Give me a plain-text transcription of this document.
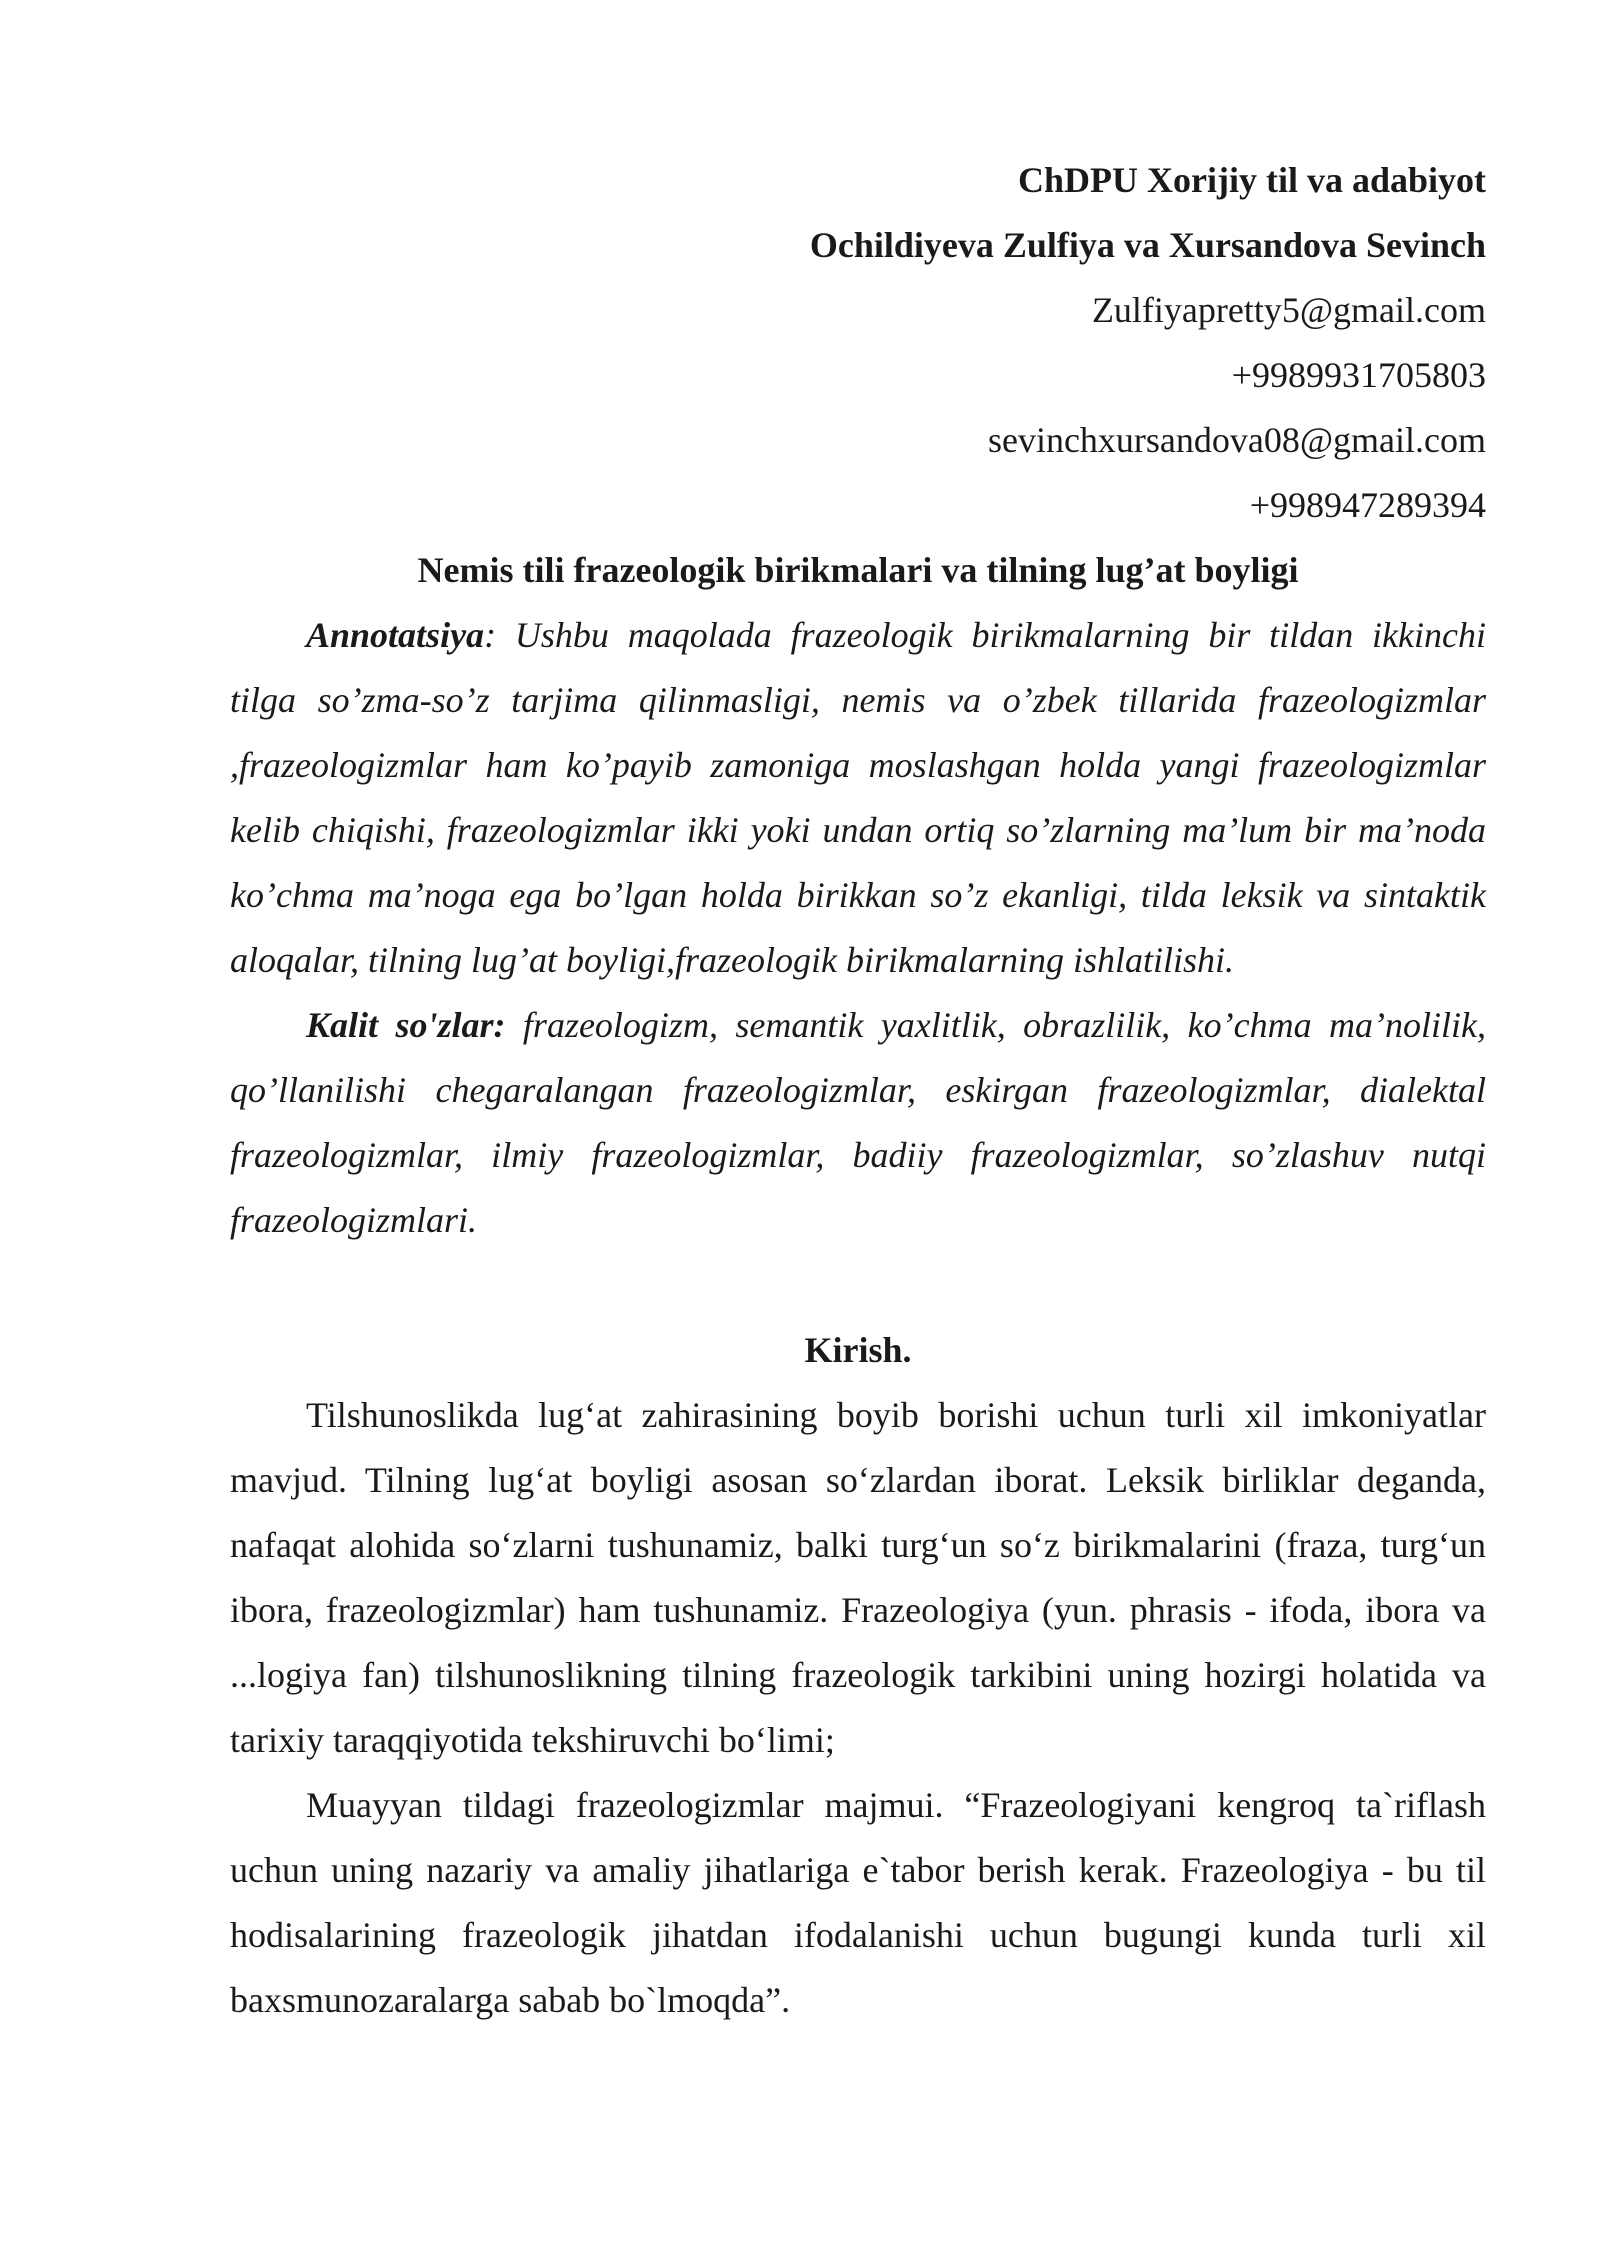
ChDPU Xorijiy til va adabiyot
Ochildiyeva Zulfiya va Xursandova Sevinch
Zulfiyapretty5@gmail.com
+9989931705803
sevinchxursandova08@gmail.com
+998947289394
Nemis tili frazeologik birikmalari va tilning lug’at boyligi

Annotatsiya: Ushbu maqolada frazeologik birikmalarning bir tildan ikkinchi tilga so’zma-so’z tarjima qilinmasligi, nemis va o’zbek tillarida frazeologizmlar ,frazeologizmlar ham ko’payib zamoniga moslashgan holda yangi frazeologizmlar kelib chiqishi, frazeologizmlar ikki yoki undan ortiq so’zlarning ma’lum bir ma’noda ko’chma ma’noga ega bo’lgan holda birikkan so’z ekanligi, tilda leksik va sintaktik aloqalar, tilning lug’at boyligi,frazeologik birikmalarning ishlatilishi.

Kalit so'zlar: frazeologizm, semantik yaxlitlik, obrazlilik, ko’chma ma’nolilik, qo’llanilishi chegaralangan frazeologizmlar, eskirgan frazeologizmlar, dialektal frazeologizmlar, ilmiy frazeologizmlar, badiiy frazeologizmlar, so’zlashuv nutqi frazeologizmlari.

Kirish.

Tilshunoslikda lug‘at zahirasining boyib borishi uchun turli xil imkoniyatlar mavjud. Tilning lug‘at boyligi asosan so‘zlardan iborat. Leksik birliklar deganda, nafaqat alohida so‘zlarni tushunamiz, balki turg‘un so‘z birikmalarini (fraza, turg‘un ibora, frazeologizmlar) ham tushunamiz. Frazeologiya (yun. phrasis - ifoda, ibora va ...logiya fan) tilshunoslikning tilning frazeologik tarkibini uning hozirgi holatida va tarixiy taraqqiyotida tekshiruvchi bo‘limi;

Muayyan tildagi frazeologizmlar majmui. “Frazeologiyani kengroq ta`riflash uchun uning nazariy va amaliy jihatlariga e`tabor berish kerak. Frazeologiya - bu til hodisalarining frazeologik jihatdan ifodalanishi uchun bugungi kunda turli xil baxsmunozaralarga sabab bo`lmoqda”.
